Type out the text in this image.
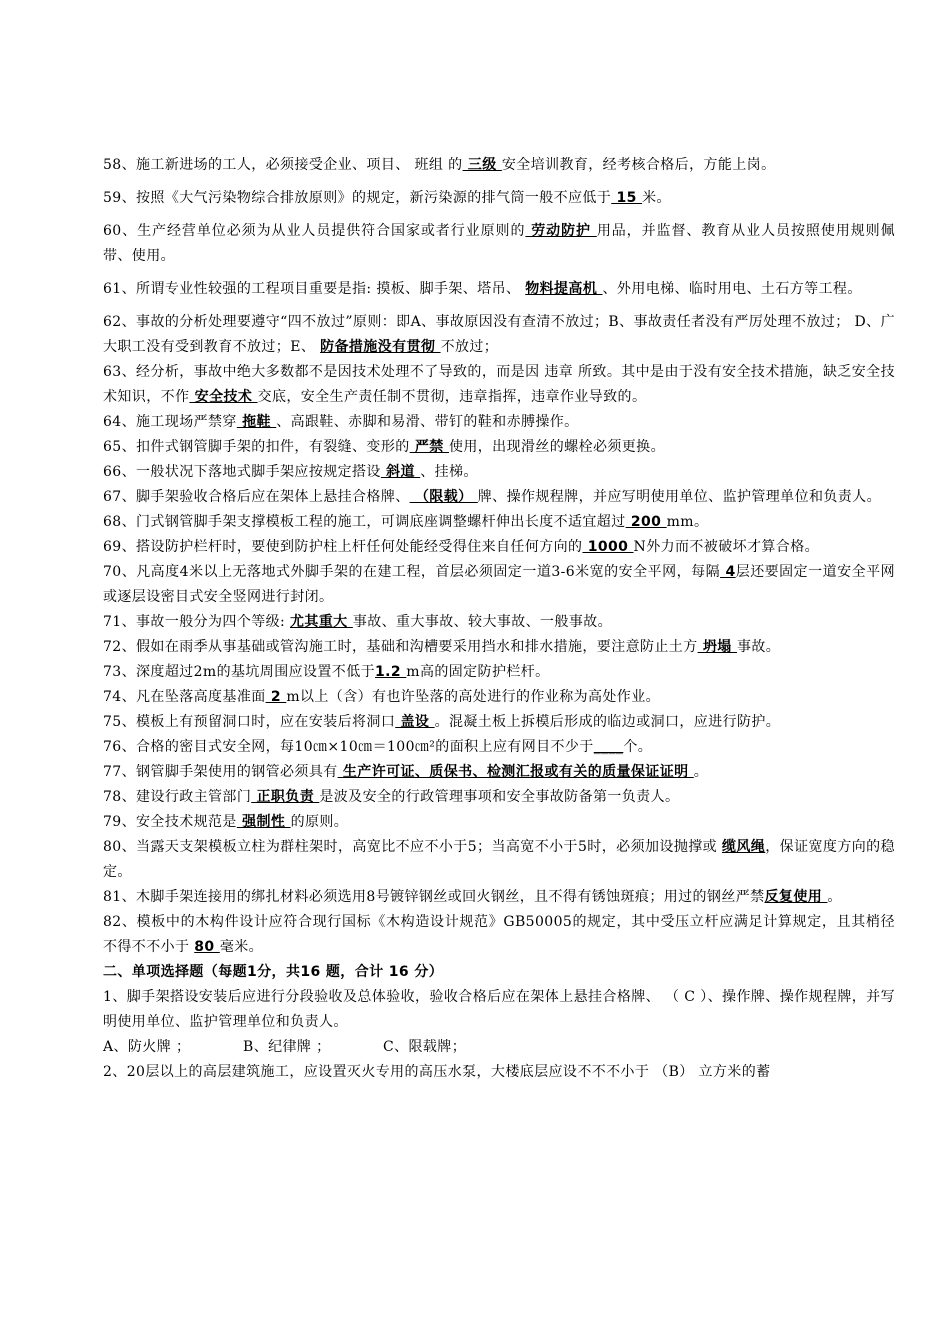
58、施工新进场的工人，必须接受企业、项目、 班组 的 三级 安全培训教育，经考核合格后，方能上岗。

59、按照《大气污染物综合排放原则》的规定，新污染源的排气筒一般不应低于 15 米。

60、生产经营单位必须为从业人员提供符合国家或者行业原则的 劳动防护 用品，并监督、教育从业人员按照使用规则佩带、使用。

61、所谓专业性较强的工程项目重要是指: 摸板、脚手架、塔吊、 物料提高机 、外用电梯、临时用电、土石方等工程。

62、事故的分析处理要遵守“四不放过”原则：即A、事故原因没有查清不放过；B、事故责任者没有严厉处理不放过； D、广大职工没有受到教育不放过；E、 防备措施没有贯彻 不放过；

63、经分析，事故中绝大多数都不是因技术处理不了导致的，而是因 违章 所致。其中是由于没有安全技术措施，缺乏安全技术知识，不作 安全技术 交底，安全生产责任制不贯彻，违章指挥，违章作业导致的。

64、施工现场严禁穿 拖鞋 、高跟鞋、赤脚和易滑、带钉的鞋和赤膊操作。

65、扣件式钢管脚手架的扣件，有裂缝、变形的 严禁 使用，出现滑丝的螺栓必须更换。

66、一般状况下落地式脚手架应按规定搭设 斜道 、挂梯。

67、脚手架验收合格后应在架体上悬挂合格牌、 （限载） 牌、操作规程牌，并应写明使用单位、监护管理单位和负责人。

68、门式钢管脚手架支撑模板工程的施工，可调底座调整螺杆伸出长度不适宜超过 200 mm。

69、搭设防护栏杆时，要使到防护柱上杆任何处能经受得住来自任何方向的 1000 N外力而不被破坏才算合格。

70、凡高度4米以上无落地式外脚手架的在建工程，首层必须固定一道3-6米宽的安全平网，每隔 4层还要固定一道安全平网或逐层设密目式安全竖网进行封闭。

71、事故一般分为四个等级: 尤其重大 事故、重大事故、较大事故、一般事故。

72、假如在雨季从事基础或管沟施工时，基础和沟槽要采用挡水和排水措施，要注意防止土方 坍塌 事故。

73、深度超过2m的基坑周围应设置不低于1.2 m高的固定防护栏杆。

74、凡在坠落高度基准面 2 m以上（含）有也许坠落的高处进行的作业称为高处作业。

75、模板上有预留洞口时，应在安装后将洞口 盖设 。混凝土板上拆模后形成的临边或洞口，应进行防护。

76、合格的密目式安全网，每10㎝×10㎝＝100㎝²的面积上应有网目不少于____个。

77、钢管脚手架使用的钢管必须具有 生产许可证、质保书、检测汇报或有关的质量保证证明 。

78、建设行政主管部门 正职负责 是波及安全的行政管理事项和安全事故防备第一负责人。

79、安全技术规范是 强制性 的原则。

80、当露天支架模板立柱为群柱架时，高宽比不应不小于5；当高宽不小于5时，必须加设抛撑或 缆风绳，保证宽度方向的稳定。

81、木脚手架连接用的绑扎材料必须选用8号镀锌钢丝或回火钢丝，且不得有锈蚀斑痕；用过的钢丝严禁反复使用 。

82、模板中的木构件设计应符合现行国标《木构造设计规范》GB50005的规定，其中受压立杆应满足计算规定，且其梢径不得不不小于 80 毫米。

二、单项选择题（每题1分，共16 题，合计 16 分）

1、脚手架搭设安装后应进行分段验收及总体验收，验收合格后应在架体上悬挂合格牌、 （ C ）、操作牌、操作规程牌，并写明使用单位、监护管理单位和负责人。

A、防火牌 ；	B、纪律牌 ；	C、限载牌；

2、20层以上的高层建筑施工，应设置灭火专用的高压水泵，大楼底层应设不不不小于 （B） 立方米的蓄
